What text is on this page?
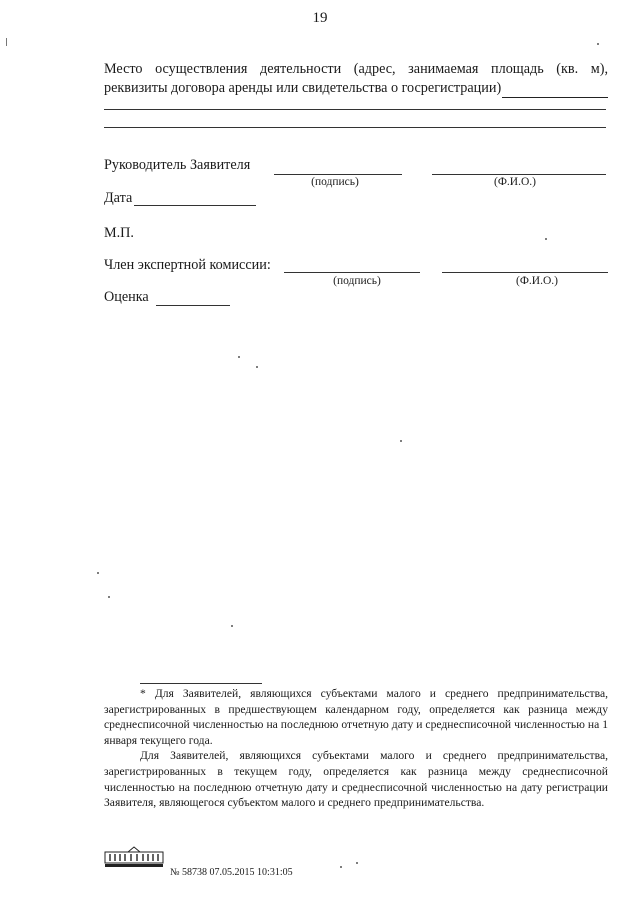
19
Место осуществления деятельности (адрес, занимаемая площадь (кв. м),
реквизиты договора аренды или свидетельства о госрегистрации)
Руководитель Заявителя
(подпись)	(Ф.И.О.)
Дата
М.П.
Член экспертной комиссии:
(подпись)	(Ф.И.О.)
Оценка

* Для Заявителей, являющихся субъектами малого и среднего предпринимательства, зарегистрированных в предшествующем календарном году, определяется как разница между среднесписочной численностью на последнюю отчетную дату и среднесписочной численностью на 1 января текущего года.

Для Заявителей, являющихся субъектами малого и среднего предпринимательства, зарегистрированных в текущем году, определяется как разница между среднесписочной численностью на последнюю отчетную дату и среднесписочной численностью на дату регистрации Заявителя, являющегося субъектом малого и среднего предпринимательства.

№ 58738 07.05.2015 10:31:05
